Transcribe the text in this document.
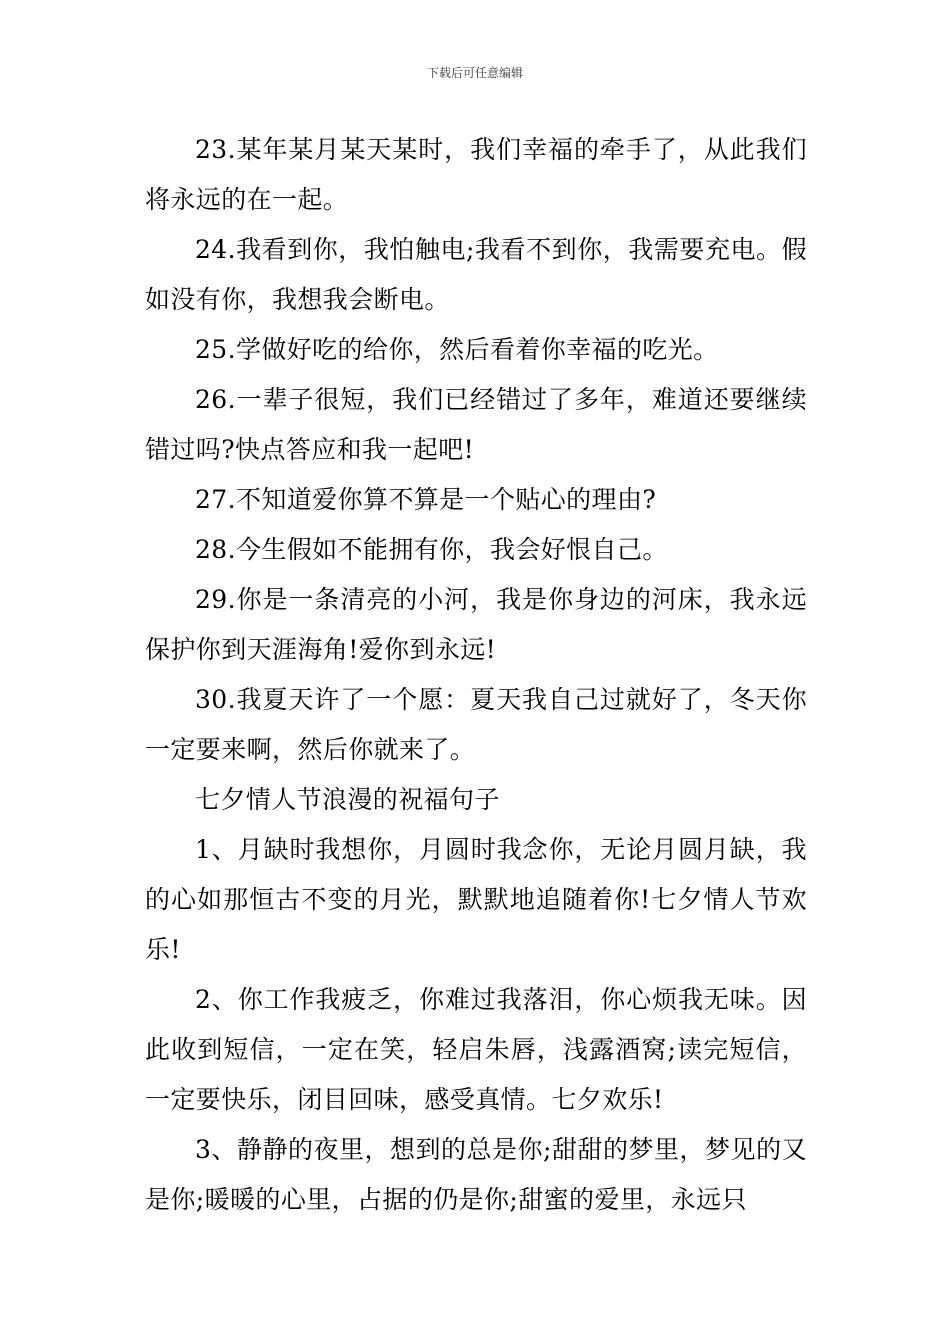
下载后可任意编辑

23.某年某月某天某时，我们幸福的牵手了，从此我们将永远的在一起。

24.我看到你，我怕触电;我看不到你，我需要充电。假如没有你，我想我会断电。

25.学做好吃的给你，然后看着你幸福的吃光。

26.一辈子很短，我们已经错过了多年，难道还要继续错过吗?快点答应和我一起吧!

27.不知道爱你算不算是一个贴心的理由?

28.今生假如不能拥有你，我会好恨自己。

29.你是一条清亮的小河，我是你身边的河床，我永远保护你到天涯海角!爱你到永远!

30.我夏天许了一个愿：夏天我自己过就好了，冬天你一定要来啊，然后你就来了。

七夕情人节浪漫的祝福句子

1、月缺时我想你，月圆时我念你，无论月圆月缺，我的心如那恒古不变的月光，默默地追随着你!七夕情人节欢乐!

2、你工作我疲乏，你难过我落泪，你心烦我无味。因此收到短信，一定在笑，轻启朱唇，浅露酒窝;读完短信，一定要快乐，闭目回味，感受真情。七夕欢乐!

3、静静的夜里，想到的总是你;甜甜的梦里，梦见的又是你;暖暖的心里，占据的仍是你;甜蜜的爱里，永远只
